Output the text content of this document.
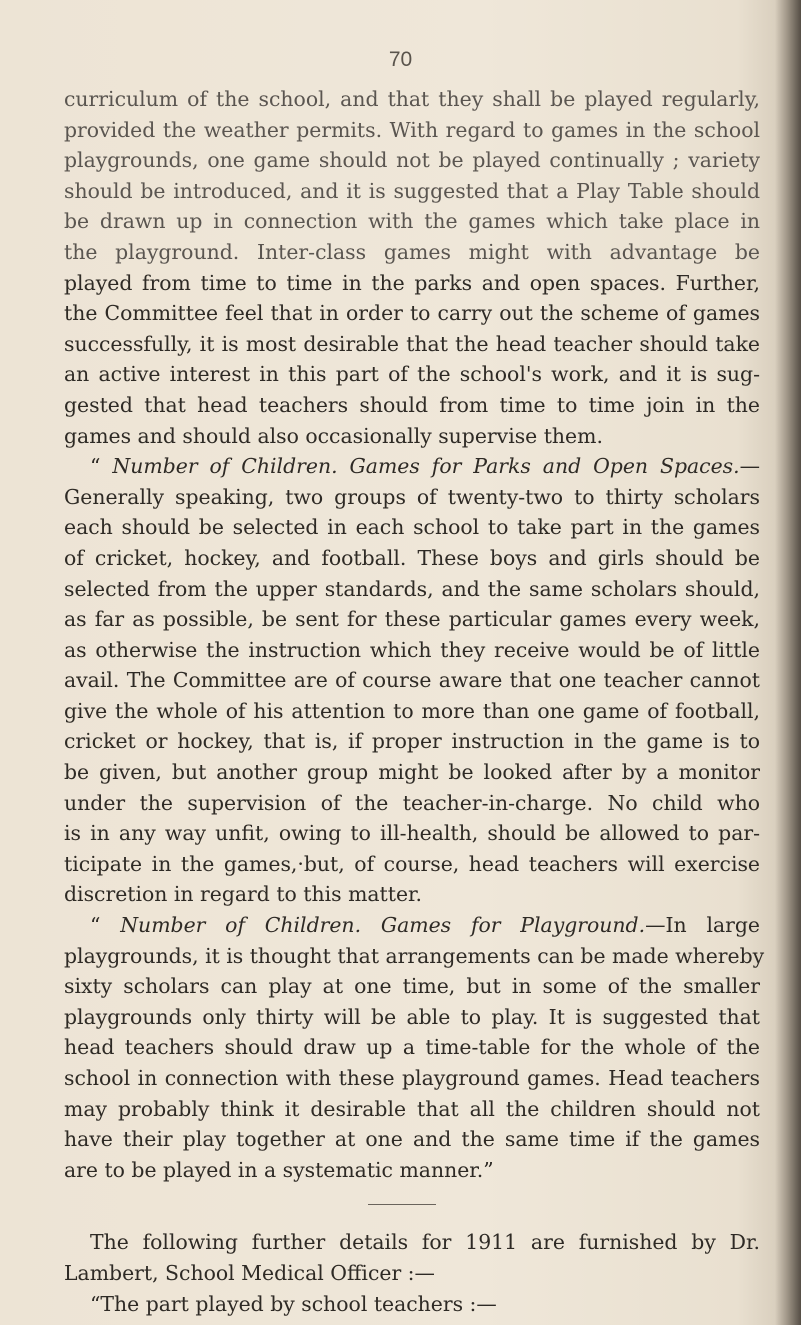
70
curriculum of the school, and that they shall be played regularly,
provided the weather permits. With regard to games in the school
playgrounds, one game should not be played continually ; variety
should be introduced, and it is suggested that a Play Table should
be drawn up in connection with the games which take place in
the playground. Inter-class games might with advantage be
played from time to time in the parks and open spaces. Further,
the Committee feel that in order to carry out the scheme of games
successfully, it is most desirable that the head teacher should take
an active interest in this part of the school's work, and it is sug-
gested that head teachers should from time to time join in the
games and should also occasionally supervise them.
“ Number of Children. Games for Parks and Open Spaces.—
Generally speaking, two groups of twenty-two to thirty scholars
each should be selected in each school to take part in the games
of cricket, hockey, and football. These boys and girls should be
selected from the upper standards, and the same scholars should,
as far as possible, be sent for these particular games every week,
as otherwise the instruction which they receive would be of little
avail. The Committee are of course aware that one teacher cannot
give the whole of his attention to more than one game of football,
cricket or hockey, that is, if proper instruction in the game is to
be given, but another group might be looked after by a monitor
under the supervision of the teacher-in-charge. No child who
is in any way unfit, owing to ill-health, should be allowed to par-
ticipate in the games,·but, of course, head teachers will exercise
discretion in regard to this matter.
“ Number of Children. Games for Playground.—In large
playgrounds, it is thought that arrangements can be made whereby
sixty scholars can play at one time, but in some of the smaller
playgrounds only thirty will be able to play. It is suggested that
head teachers should draw up a time-table for the whole of the
school in connection with these playground games. Head teachers
may probably think it desirable that all the children should not
have their play together at one and the same time if the games
are to be played in a systematic manner.”
The following further details for 1911 are furnished by Dr.
Lambert, School Medical Officer :—
“The part played by school teachers :—
